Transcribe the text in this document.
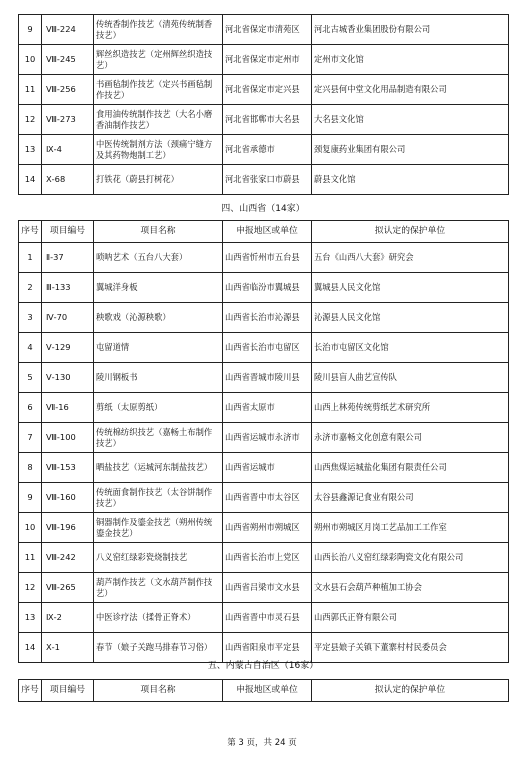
9	Ⅷ-224	传统香制作技艺（清苑传统制香技艺）	河北省保定市清苑区	河北古城香业集团股份有限公司
10	Ⅷ-245	辉丝织造技艺（定州辉丝织造技艺）	河北省保定市定州市	定州市文化馆
11	Ⅷ-256	书画毡制作技艺（定兴书画毡制作技艺）	河北省保定市定兴县	定兴县何中堂文化用品制造有限公司
12	Ⅷ-273	食用油传统制作技艺（大名小磨香油制作技艺）	河北省邯郸市大名县	大名县文化馆
13	Ⅸ-4	中医传统制剂方法（颈痛宁缝方及其药物炮制工艺）	河北省承德市	颈复康药业集团有限公司
14	Ⅹ-68	打铁花（蔚县打树花）	河北省张家口市蔚县	蔚县文化馆
四、山西省（14家）
序号	项目编号	项目名称	申报地区或单位	拟认定的保护单位
1	Ⅱ-37	唢呐艺术（五台八大套）	山西省忻州市五台县	五台《山西八大套》研究会
2	Ⅲ-133	翼城洋身板	山西省临汾市翼城县	翼城县人民文化馆
3	Ⅳ-70	秧歌戏（沁源秧歌）	山西省长治市沁源县	沁源县人民文化馆
4	Ⅴ-129	屯留道情	山西省长治市屯留区	长治市屯留区文化馆
5	Ⅴ-130	陵川钢板书	山西省晋城市陵川县	陵川县盲人曲艺宣传队
6	Ⅶ-16	剪纸（太原剪纸）	山西省太原市	山西上林苑传统剪纸艺术研究所
7	Ⅷ-100	传统棉纺织技艺（嘉畅土布制作技艺）	山西省运城市永济市	永济市嘉畅文化创意有限公司
8	Ⅷ-153	晒盐技艺（运城河东制盐技艺）	山西省运城市	山西焦煤运城盐化集团有限责任公司
9	Ⅷ-160	传统面食制作技艺（太谷饼制作技艺）	山西省晋中市太谷区	太谷县鑫源记食业有限公司
10	Ⅷ-196	铜器制作及鎏金技艺（朔州传统鎏金技艺）	山西省朔州市朔城区	朔州市朔城区月岗工艺品加工工作室
11	Ⅷ-242	八义窑红绿彩瓷烧制技艺	山西省长治市上党区	山西长治八义窑红绿彩陶瓷文化有限公司
12	Ⅷ-265	葫芦制作技艺（文水葫芦制作技艺）	山西省吕梁市文水县	文水县石会葫芦种植加工协会
13	Ⅸ-2	中医诊疗法（揉骨正脊术）	山西省晋中市灵石县	山西郭氏正脊有限公司
14	Ⅹ-1	春节（娘子关跑马排春节习俗）	山西省阳泉市平定县	平定县娘子关镇下董寨村村民委员会
五、内蒙古自治区（16家）
序号	项目编号	项目名称	申报地区或单位	拟认定的保护单位
第 3 页，共 24 页
